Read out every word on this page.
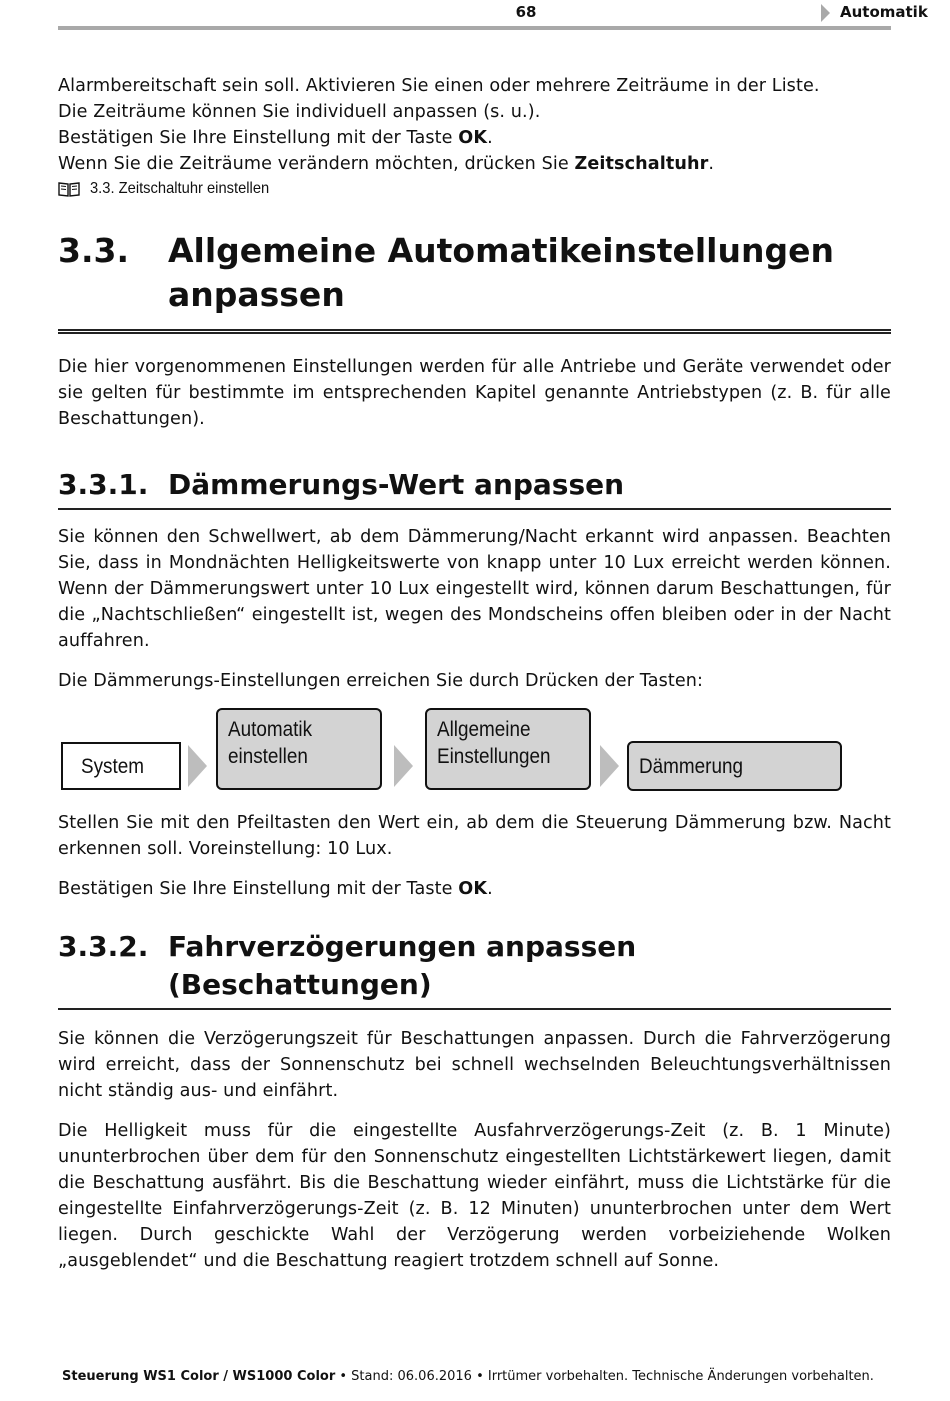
68	Automatik

Alarmbereitschaft sein soll. Aktivieren Sie einen oder mehrere Zeiträume in der Liste.
Die Zeiträume können Sie individuell anpassen (s. u.).
Bestätigen Sie Ihre Einstellung mit der Taste OK.
Wenn Sie die Zeiträume verändern möchten, drücken Sie Zeitschaltuhr.

3.3. Zeitschaltuhr einstellen
3.3.	Allgemeine Automatikeinstellungen anpassen

Die hier vorgenommenen Einstellungen werden für alle Antriebe und Geräte verwendet oder sie gelten für bestimmte im entsprechenden Kapitel genannte Antriebstypen (z. B. für alle Beschattungen).

3.3.1. Dämmerungs-Wert anpassen

Sie können den Schwellwert, ab dem Dämmerung/Nacht erkannt wird anpassen. Beachten Sie, dass in Mondnächten Helligkeitswerte von knapp unter 10 Lux erreicht werden können. Wenn der Dämmerungswert unter 10 Lux eingestellt wird, können darum Beschattungen, für die „Nachtschließen“ eingestellt ist, wegen des Mondscheins offen bleiben oder in der Nacht auffahren.

Die Dämmerungs-Einstellungen erreichen Sie durch Drücken der Tasten:

System
Automatik
einstellen
Allgemeine
Einstellungen	Dämmerung

Stellen Sie mit den Pfeiltasten den Wert ein, ab dem die Steuerung Dämmerung bzw. Nacht erkennen soll. Voreinstellung: 10 Lux.

Bestätigen Sie Ihre Einstellung mit der Taste OK.

3.3.2. Fahrverzögerungen anpassen
(Beschattungen)

Sie können die Verzögerungszeit für Beschattungen anpassen. Durch die Fahrverzögerung wird erreicht, dass der Sonnenschutz bei schnell wechselnden Beleuchtungsverhältnissen nicht ständig aus- und einfährt.

Die Helligkeit muss für die eingestellte Ausfahrverzögerungs-Zeit (z. B. 1 Minute) ununterbrochen über dem für den Sonnenschutz eingestellten Lichtstärkewert liegen, damit die Beschattung ausfährt. Bis die Beschattung wieder einfährt, muss die Lichtstärke für die eingestellte Einfahrverzögerungs-Zeit (z. B. 12 Minuten) ununterbrochen unter dem Wert liegen. Durch geschickte Wahl der Verzögerung werden vorbeiziehende Wolken „ausgeblendet“ und die Beschattung reagiert trotzdem schnell auf Sonne.

Steuerung WS1 Color / WS1000 Color • Stand: 06.06.2016 • Irrtümer vorbehalten. Technische Änderungen vorbehalten.
